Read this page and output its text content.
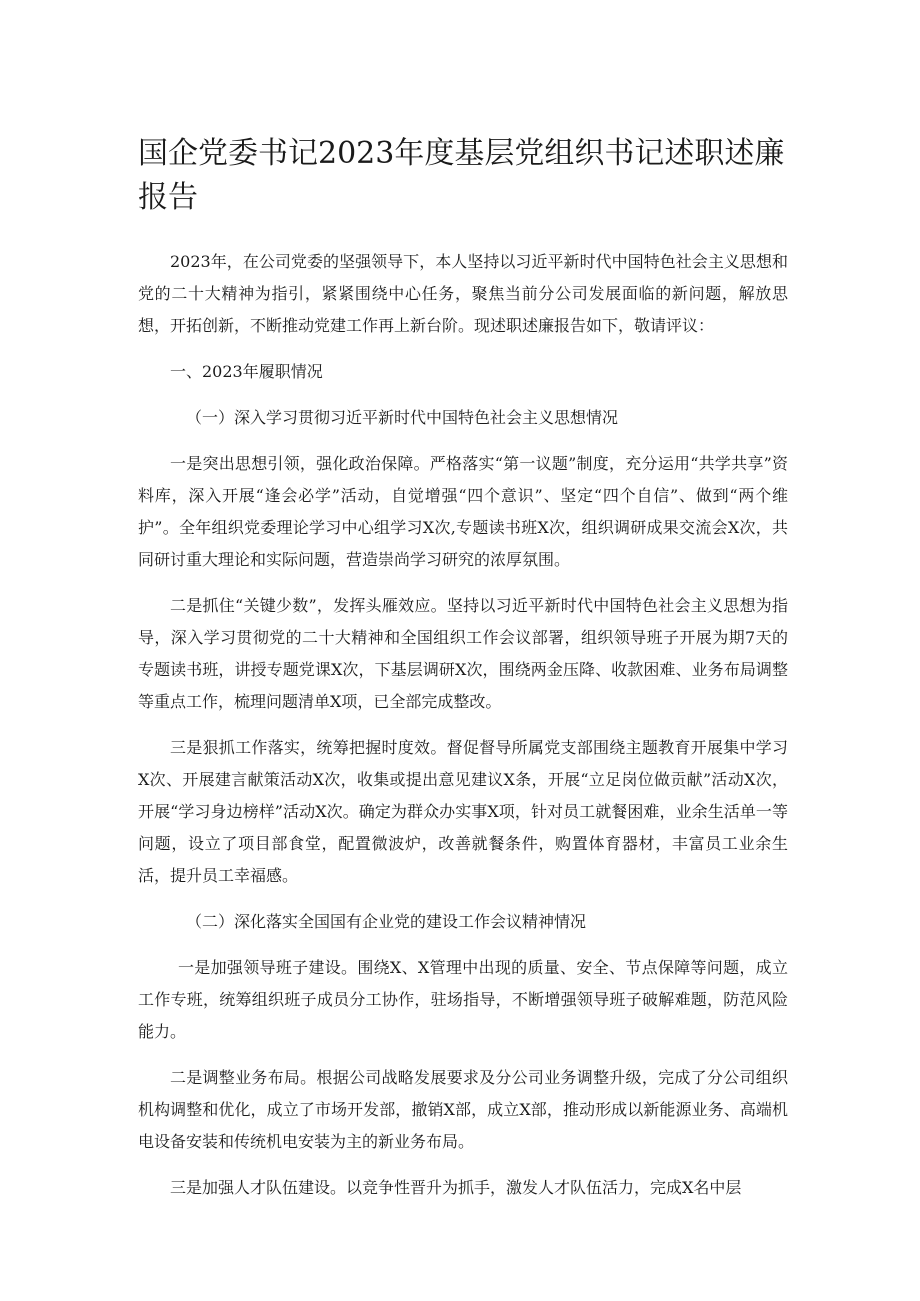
国企党委书记2023年度基层党组织书记述职述廉报告

2023年，在公司党委的坚强领导下，本人坚持以习近平新时代中国特色社会主义思想和党的二十大精神为指引，紧紧围绕中心任务，聚焦当前分公司发展面临的新问题，解放思想，开拓创新，不断推动党建工作再上新台阶。现述职述廉报告如下，敬请评议：

一、2023年履职情况
（一）深入学习贯彻习近平新时代中国特色社会主义思想情况

一是突出思想引领，强化政治保障。严格落实“第一议题”制度，充分运用“共学共享”资料库，深入开展“逢会必学”活动，自觉增强“四个意识”、坚定“四个自信”、做到“两个维护”。全年组织党委理论学习中心组学习X次,专题读书班X次，组织调研成果交流会X次，共同研讨重大理论和实际问题，营造崇尚学习研究的浓厚氛围。

二是抓住“关键少数”，发挥头雁效应。坚持以习近平新时代中国特色社会主义思想为指导，深入学习贯彻党的二十大精神和全国组织工作会议部署，组织领导班子开展为期7天的专题读书班，讲授专题党课X次，下基层调研X次，围绕两金压降、收款困难、业务布局调整等重点工作，梳理问题清单X项，已全部完成整改。

三是狠抓工作落实，统筹把握时度效。督促督导所属党支部围绕主题教育开展集中学习X次、开展建言献策活动X次，收集或提出意见建议X条，开展“立足岗位做贡献”活动X次，开展“学习身边榜样”活动X次。确定为群众办实事X项，针对员工就餐困难，业余生活单一等问题，设立了项目部食堂，配置微波炉，改善就餐条件，购置体育器材，丰富员工业余生活，提升员工幸福感。

（二）深化落实全国国有企业党的建设工作会议精神情况

一是加强领导班子建设。围绕X、X管理中出现的质量、安全、节点保障等问题，成立工作专班，统筹组织班子成员分工协作，驻场指导，不断增强领导班子破解难题，防范风险能力。

二是调整业务布局。根据公司战略发展要求及分公司业务调整升级，完成了分公司组织机构调整和优化，成立了市场开发部，撤销X部，成立X部，推动形成以新能源业务、高端机电设备安装和传统机电安装为主的新业务布局。

三是加强人才队伍建设。以竞争性晋升为抓手，激发人才队伍活力，完成X名中层
